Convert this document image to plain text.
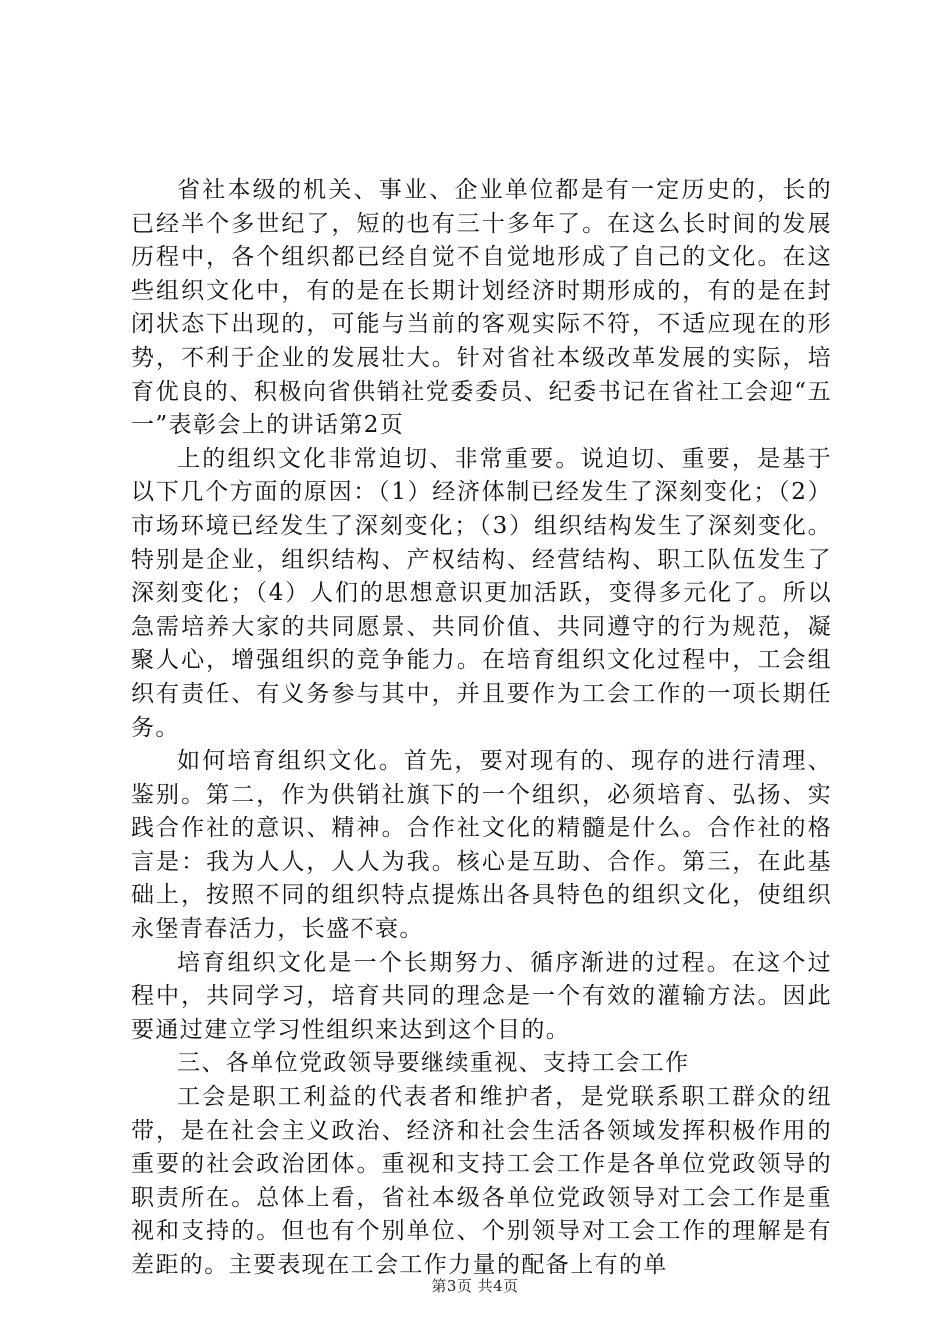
省社本级的机关、事业、企业单位都是有一定历史的，长的已经半个多世纪了，短的也有三十多年了。在这么长时间的发展历程中，各个组织都已经自觉不自觉地形成了自己的文化。在这些组织文化中，有的是在长期计划经济时期形成的，有的是在封闭状态下出现的，可能与当前的客观实际不符，不适应现在的形势，不利于企业的发展壮大。针对省社本级改革发展的实际，培育优良的、积极向省供销社党委委员、纪委书记在省社工会迎“五一”表彰会上的讲话第2页

上的组织文化非常迫切、非常重要。说迫切、重要，是基于以下几个方面的原因：（1）经济体制已经发生了深刻变化；（2）市场环境已经发生了深刻变化；（3）组织结构发生了深刻变化。特别是企业，组织结构、产权结构、经营结构、职工队伍发生了深刻变化；（4）人们的思想意识更加活跃，变得多元化了。所以急需培养大家的共同愿景、共同价值、共同遵守的行为规范，凝聚人心，增强组织的竞争能力。在培育组织文化过程中，工会组织有责任、有义务参与其中，并且要作为工会工作的一项长期任务。

如何培育组织文化。首先，要对现有的、现存的进行清理、鉴别。第二，作为供销社旗下的一个组织，必须培育、弘扬、实践合作社的意识、精神。合作社文化的精髓是什么。合作社的格言是：我为人人，人人为我。核心是互助、合作。第三，在此基础上，按照不同的组织特点提炼出各具特色的组织文化，使组织永堡青春活力，长盛不衰。

培育组织文化是一个长期努力、循序渐进的过程。在这个过程中，共同学习，培育共同的理念是一个有效的灌输方法。因此要通过建立学习性组织来达到这个目的。

三、各单位党政领导要继续重视、支持工会工作

工会是职工利益的代表者和维护者，是党联系职工群众的纽带，是在社会主义政治、经济和社会生活各领域发挥积极作用的重要的社会政治团体。重视和支持工会工作是各单位党政领导的职责所在。总体上看，省社本级各单位党政领导对工会工作是重视和支持的。但也有个别单位、个别领导对工会工作的理解是有差距的。主要表现在工会工作力量的配备上有的单

第3页 共4页
